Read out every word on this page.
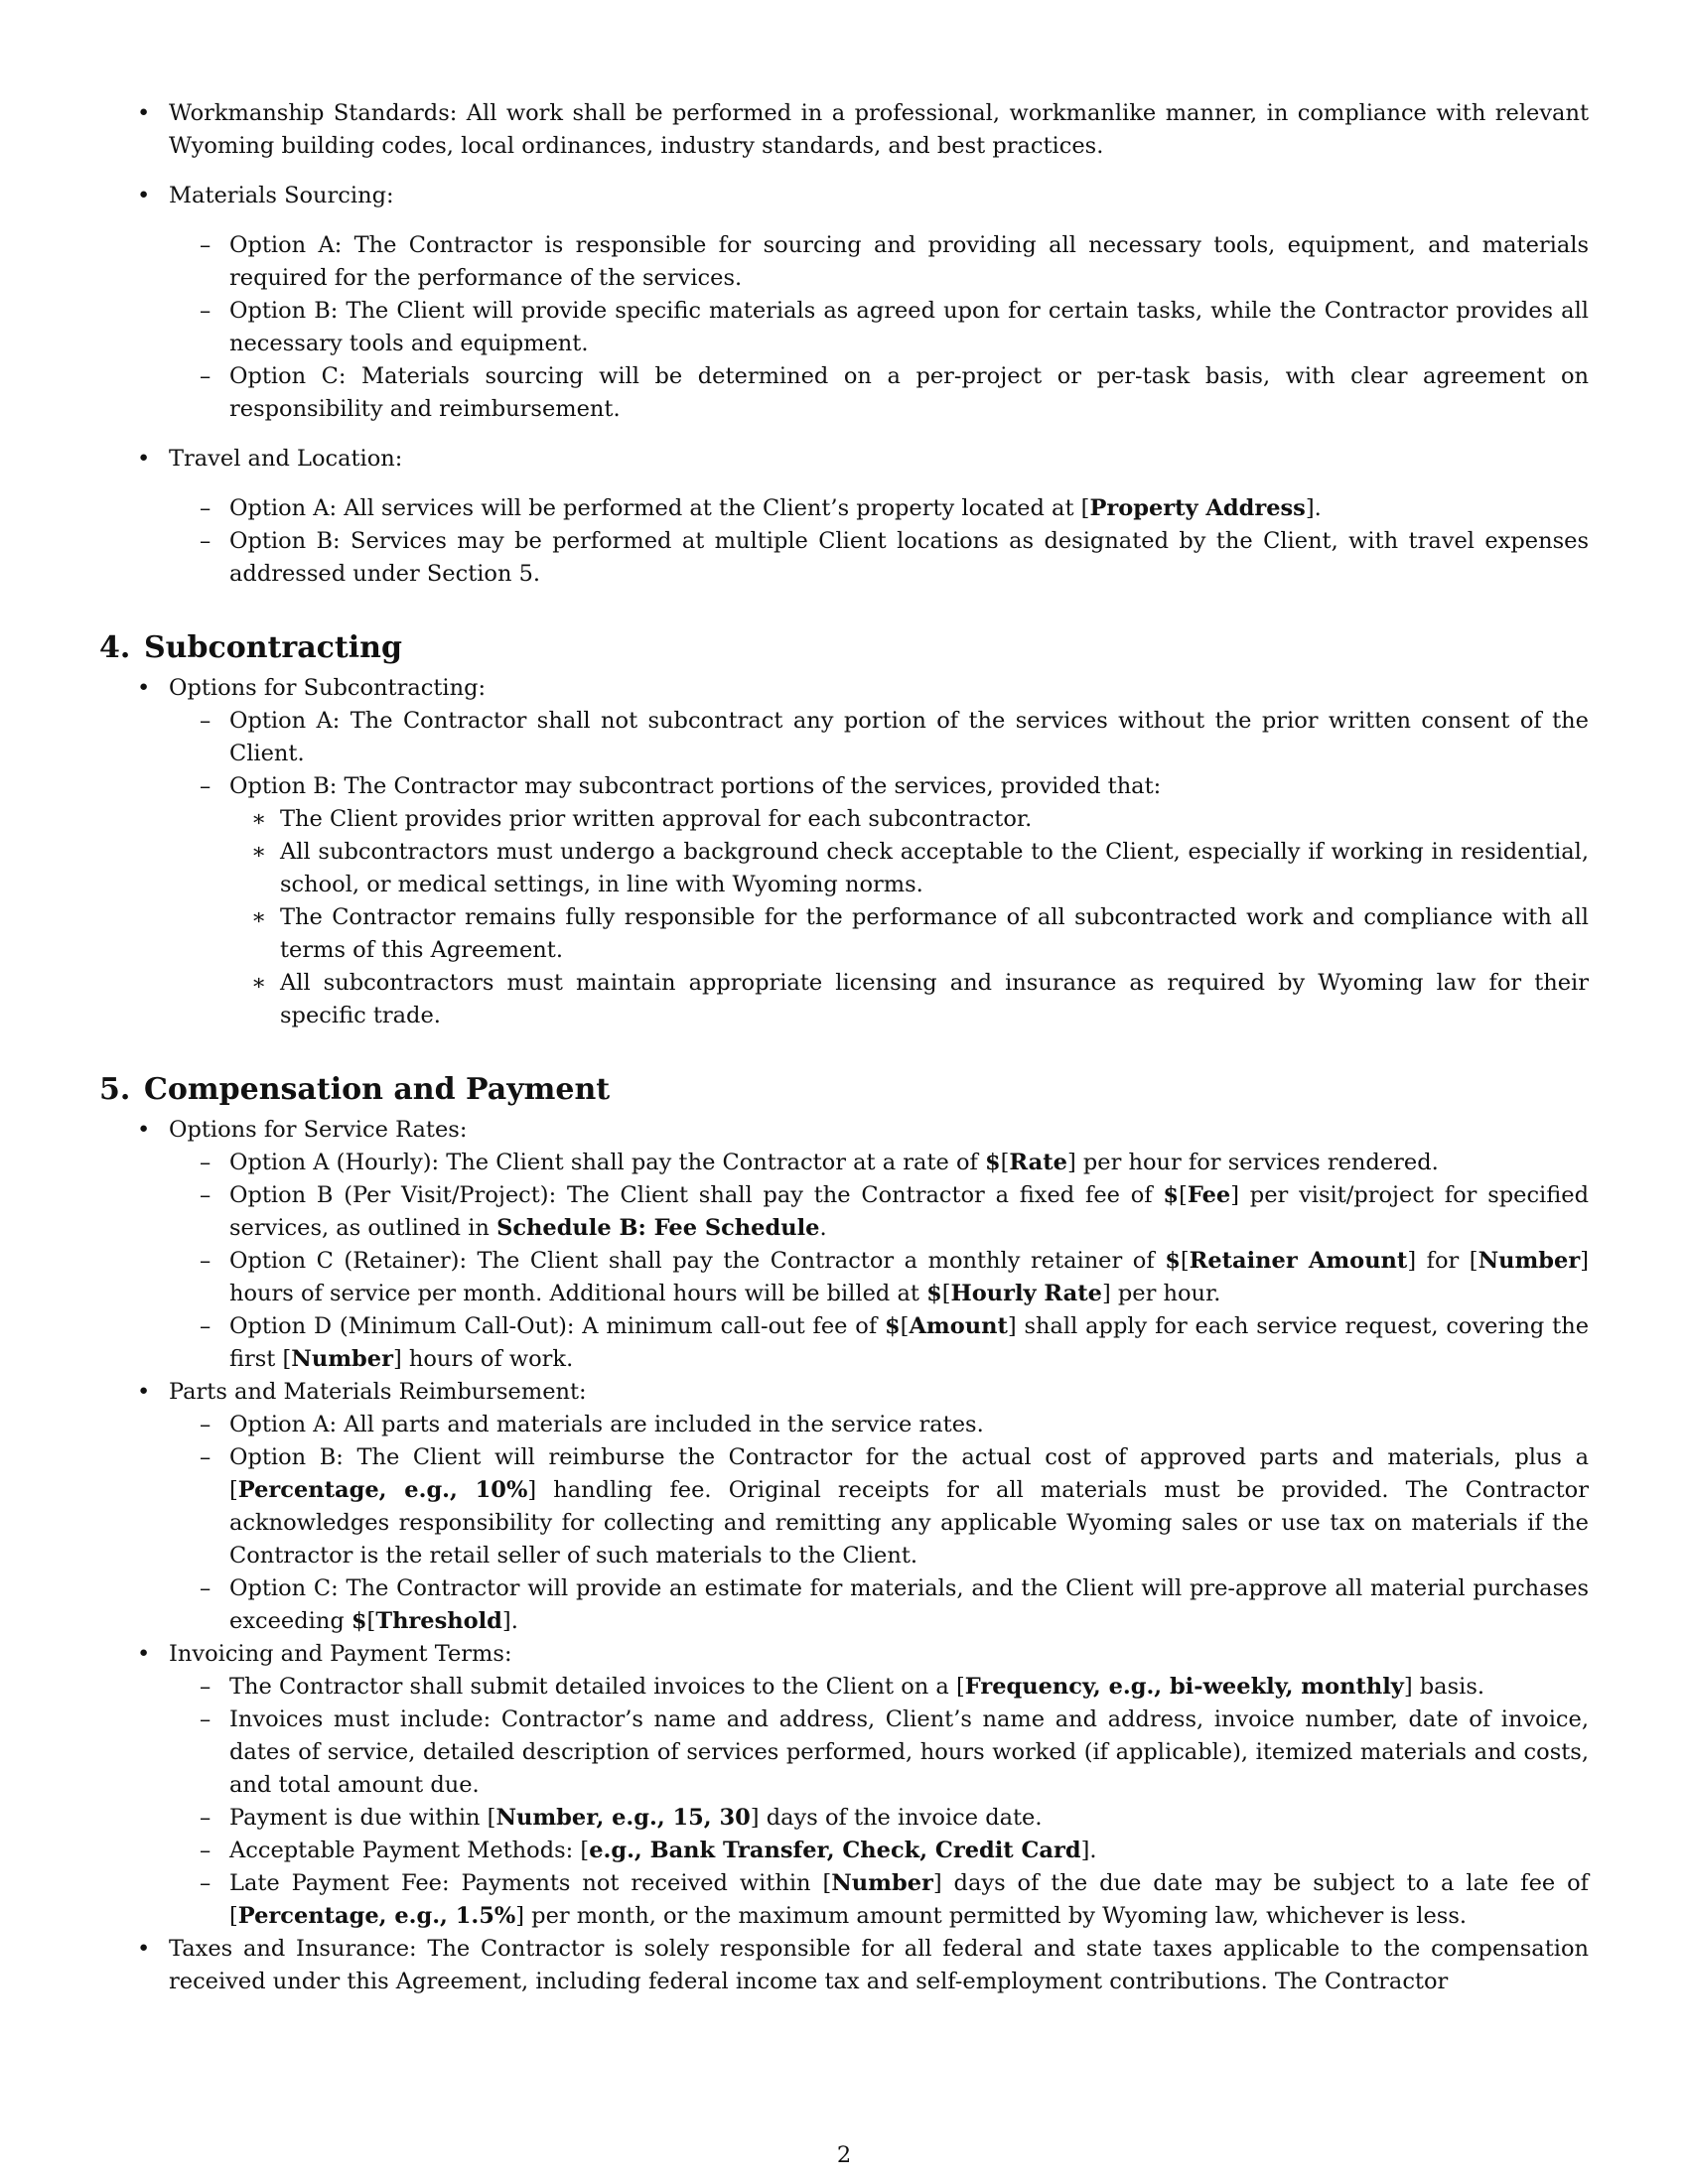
• Workmanship Standards: All work shall be performed in a professional, workmanlike manner, in compliance with relevant Wyoming building codes, local ordinances, industry standards, and best practices.
• Materials Sourcing:
– Option A: The Contractor is responsible for sourcing and providing all necessary tools, equipment, and materials required for the performance of the services.
– Option B: The Client will provide specific materials as agreed upon for certain tasks, while the Contractor provides all necessary tools and equipment.
– Option C: Materials sourcing will be determined on a per-project or per-task basis, with clear agreement on responsibility and reimbursement.
• Travel and Location:
– Option A: All services will be performed at the Client’s property located at [Property Address].
– Option B: Services may be performed at multiple Client locations as designated by the Client, with travel expenses addressed under Section 5.
4. Subcontracting
• Options for Subcontracting:
– Option A: The Contractor shall not subcontract any portion of the services without the prior written consent of the Client.
– Option B: The Contractor may subcontract portions of the services, provided that:
∗ The Client provides prior written approval for each subcontractor.
∗ All subcontractors must undergo a background check acceptable to the Client, especially if working in residential, school, or medical settings, in line with Wyoming norms.
∗ The Contractor remains fully responsible for the performance of all subcontracted work and compliance with all terms of this Agreement.
∗ All subcontractors must maintain appropriate licensing and insurance as required by Wyoming law for their specific trade.
5. Compensation and Payment
• Options for Service Rates:
– Option A (Hourly): The Client shall pay the Contractor at a rate of $[Rate] per hour for services rendered.
– Option B (Per Visit/Project): The Client shall pay the Contractor a fixed fee of $[Fee] per visit/project for specified services, as outlined in Schedule B: Fee Schedule.
– Option C (Retainer): The Client shall pay the Contractor a monthly retainer of $[Retainer Amount] for [Number] hours of service per month. Additional hours will be billed at $[Hourly Rate] per hour.
– Option D (Minimum Call-Out): A minimum call-out fee of $[Amount] shall apply for each service request, covering the first [Number] hours of work.
• Parts and Materials Reimbursement:
– Option A: All parts and materials are included in the service rates.
– Option B: The Client will reimburse the Contractor for the actual cost of approved parts and materials, plus a [Percentage, e.g., 10%] handling fee. Original receipts for all materials must be provided. The Contractor acknowledges responsibility for collecting and remitting any applicable Wyoming sales or use tax on materials if the Contractor is the retail seller of such materials to the Client.
– Option C: The Contractor will provide an estimate for materials, and the Client will pre-approve all material purchases exceeding $[Threshold].
• Invoicing and Payment Terms:
– The Contractor shall submit detailed invoices to the Client on a [Frequency, e.g., bi-weekly, monthly] basis.
– Invoices must include: Contractor’s name and address, Client’s name and address, invoice number, date of invoice, dates of service, detailed description of services performed, hours worked (if applicable), itemized materials and costs, and total amount due.
– Payment is due within [Number, e.g., 15, 30] days of the invoice date.
– Acceptable Payment Methods: [e.g., Bank Transfer, Check, Credit Card].
– Late Payment Fee: Payments not received within [Number] days of the due date may be subject to a late fee of [Percentage, e.g., 1.5%] per month, or the maximum amount permitted by Wyoming law, whichever is less.
• Taxes and Insurance: The Contractor is solely responsible for all federal and state taxes applicable to the compensation received under this Agreement, including federal income tax and self-employment contributions. The Contractor
2
